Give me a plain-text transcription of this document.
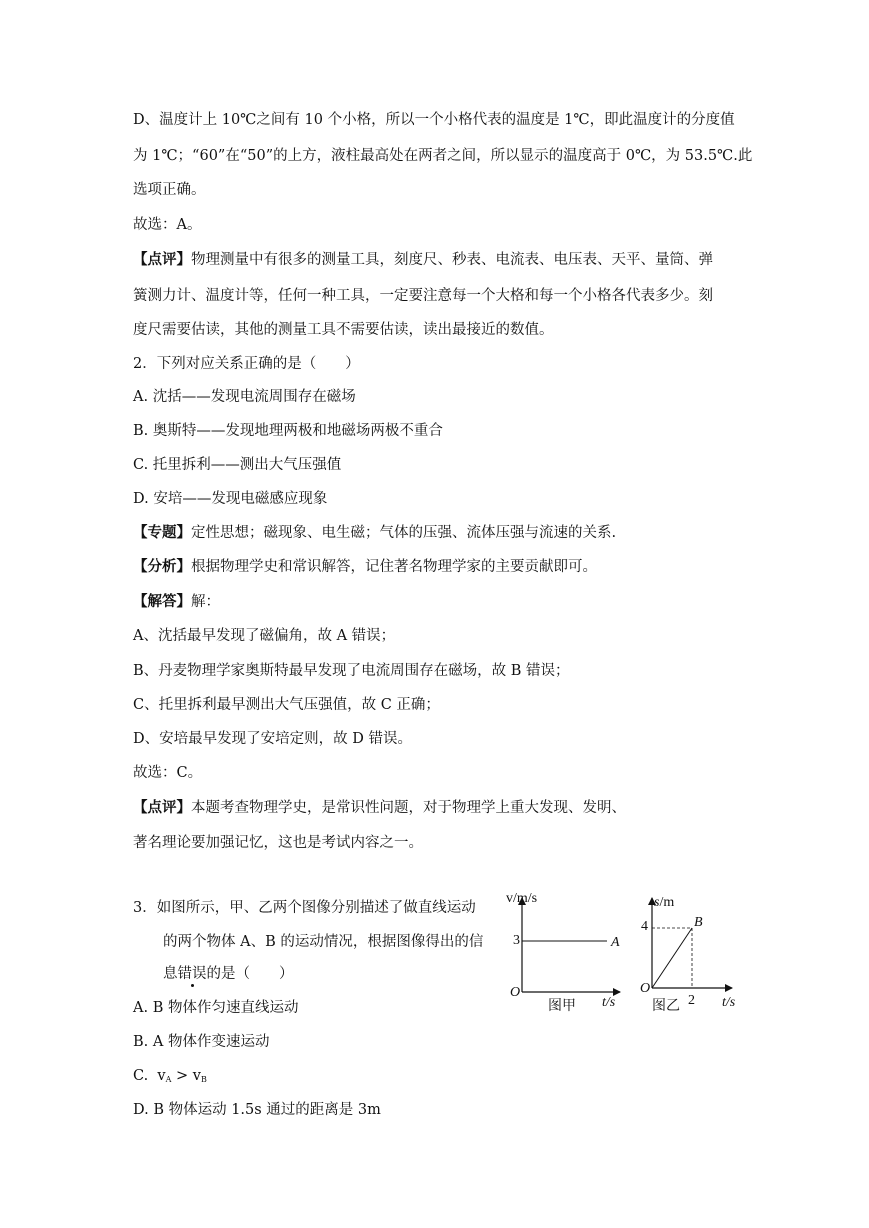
D、温度计上 10℃之间有 10 个小格，所以一个小格代表的温度是 1℃，即此温度计的分度值
为 1℃；“60”在“50”的上方，液柱最高处在两者之间，所以显示的温度高于 0℃，为 53.5℃.此
选项正确。
故选：A。
【点评】物理测量中有很多的测量工具，刻度尺、秒表、电流表、电压表、天平、量筒、弹
簧测力计、温度计等，任何一种工具，一定要注意每一个大格和每一个小格各代表多少。刻
度尺需要估读，其他的测量工具不需要估读，读出最接近的数值。
2．下列对应关系正确的是（　　）
A. 沈括——发现电流周围存在磁场
B. 奥斯特——发现地理两极和地磁场两极不重合
C. 托里拆利——测出大气压强值
D. 安培——发现电磁感应现象
【专题】定性思想；磁现象、电生磁；气体的压强、流体压强与流速的关系.
【分析】根据物理学史和常识解答，记住著名物理学家的主要贡献即可。
【解答】解：
A、沈括最早发现了磁偏角，故 A 错误；
B、丹麦物理学家奥斯特最早发现了电流周围存在磁场，故 B 错误；
C、托里拆利最早测出大气压强值，故 C 正确；
D、安培最早发现了安培定则，故 D 错误。
故选：C。
【点评】本题考查物理学史，是常识性问题，对于物理学上重大发现、发明、
著名理论要加强记忆，这也是考试内容之一。
3．如图所示，甲、乙两个图像分别描述了做直线运动
的两个物体 A、B 的运动情况，根据图像得出的信
息错误的是（　　）
A. B 物体作匀速直线运动
B. A 物体作变速运动
C. $v_A > v_B$
D. B 物体运动 1.5s 通过的距离是 3m
v/m/s
t/s
O
3	A
图甲
s/m
t/s
O
4
2
B
图乙
